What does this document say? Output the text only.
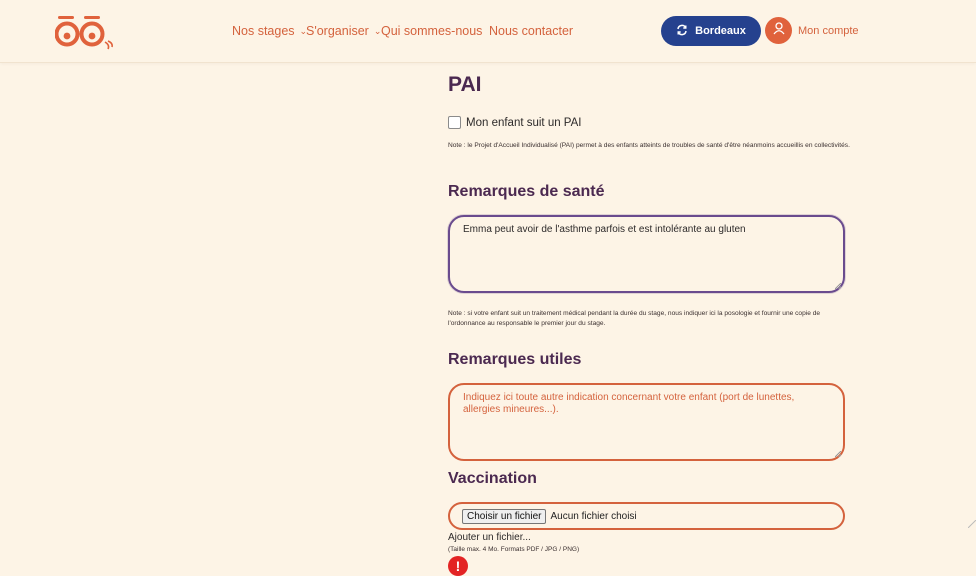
Nos stages ⌄
S'organiser ⌄ Qui sommes-nous Nous contacter	Bordeaux	Mon compte
PAI
Mon enfant suit un PAI
Note : le Projet d'Accueil Individualisé (PAI) permet à des enfants atteints de troubles de santé d'être néanmoins accueillis en collectivités.
Remarques de santé
Emma peut avoir de l'asthme parfois et est intolérante au gluten
Note : si votre enfant suit un traitement médical pendant la durée du stage, nous indiquer ici la posologie et fournir une copie de l'ordonnance au responsable le premier jour du stage.
Remarques utiles
Indiquez ici toute autre indication concernant votre enfant (port de lunettes, allergies mineures...).
Vaccination
Choisir un fichier Aucun fichier choisi
Ajouter un fichier...
(Taille max. 4 Mo. Formats PDF / JPG / PNG)
!
